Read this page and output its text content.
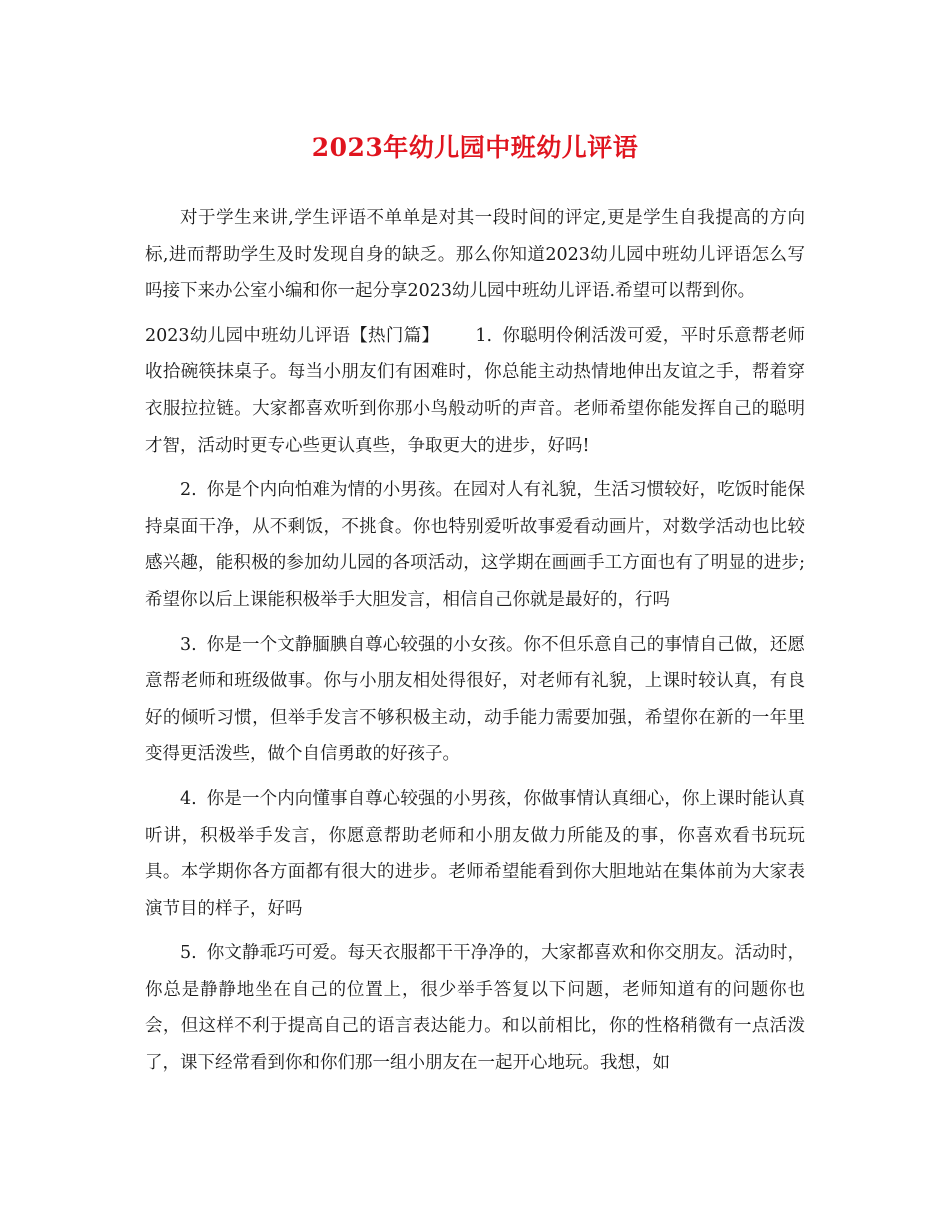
2023年幼儿园中班幼儿评语

对于学生来讲,学生评语不单单是对其一段时间的评定,更是学生自我提高的方向标,进而帮助学生及时发现自身的缺乏。那么你知道2023幼儿园中班幼儿评语怎么写吗接下来办公室小编和你一起分享2023幼儿园中班幼儿评语.希望可以帮到你。

2023幼儿园中班幼儿评语【热门篇】 1. 你聪明伶俐活泼可爱，平时乐意帮老师收拾碗筷抹桌子。每当小朋友们有困难时，你总能主动热情地伸出友谊之手，帮着穿衣服拉拉链。大家都喜欢听到你那小鸟般动听的声音。老师希望你能发挥自己的聪明才智，活动时更专心些更认真些，争取更大的进步，好吗!

2. 你是个内向怕难为情的小男孩。在园对人有礼貌，生活习惯较好，吃饭时能保持桌面干净，从不剩饭，不挑食。你也特别爱听故事爱看动画片，对数学活动也比较感兴趣，能积极的参加幼儿园的各项活动，这学期在画画手工方面也有了明显的进步;希望你以后上课能积极举手大胆发言，相信自己你就是最好的，行吗

3. 你是一个文静腼腆自尊心较强的小女孩。你不但乐意自己的事情自己做，还愿意帮老师和班级做事。你与小朋友相处得很好，对老师有礼貌，上课时较认真，有良好的倾听习惯，但举手发言不够积极主动，动手能力需要加强，希望你在新的一年里变得更活泼些，做个自信勇敢的好孩子。

4. 你是一个内向懂事自尊心较强的小男孩，你做事情认真细心，你上课时能认真听讲，积极举手发言，你愿意帮助老师和小朋友做力所能及的事，你喜欢看书玩玩具。本学期你各方面都有很大的进步。老师希望能看到你大胆地站在集体前为大家表演节目的样子，好吗

5. 你文静乖巧可爱。每天衣服都干干净净的，大家都喜欢和你交朋友。活动时，你总是静静地坐在自己的位置上，很少举手答复以下问题，老师知道有的问题你也会，但这样不利于提高自己的语言表达能力。和以前相比，你的性格稍微有一点活泼了，课下经常看到你和你们那一组小朋友在一起开心地玩。我想，如
